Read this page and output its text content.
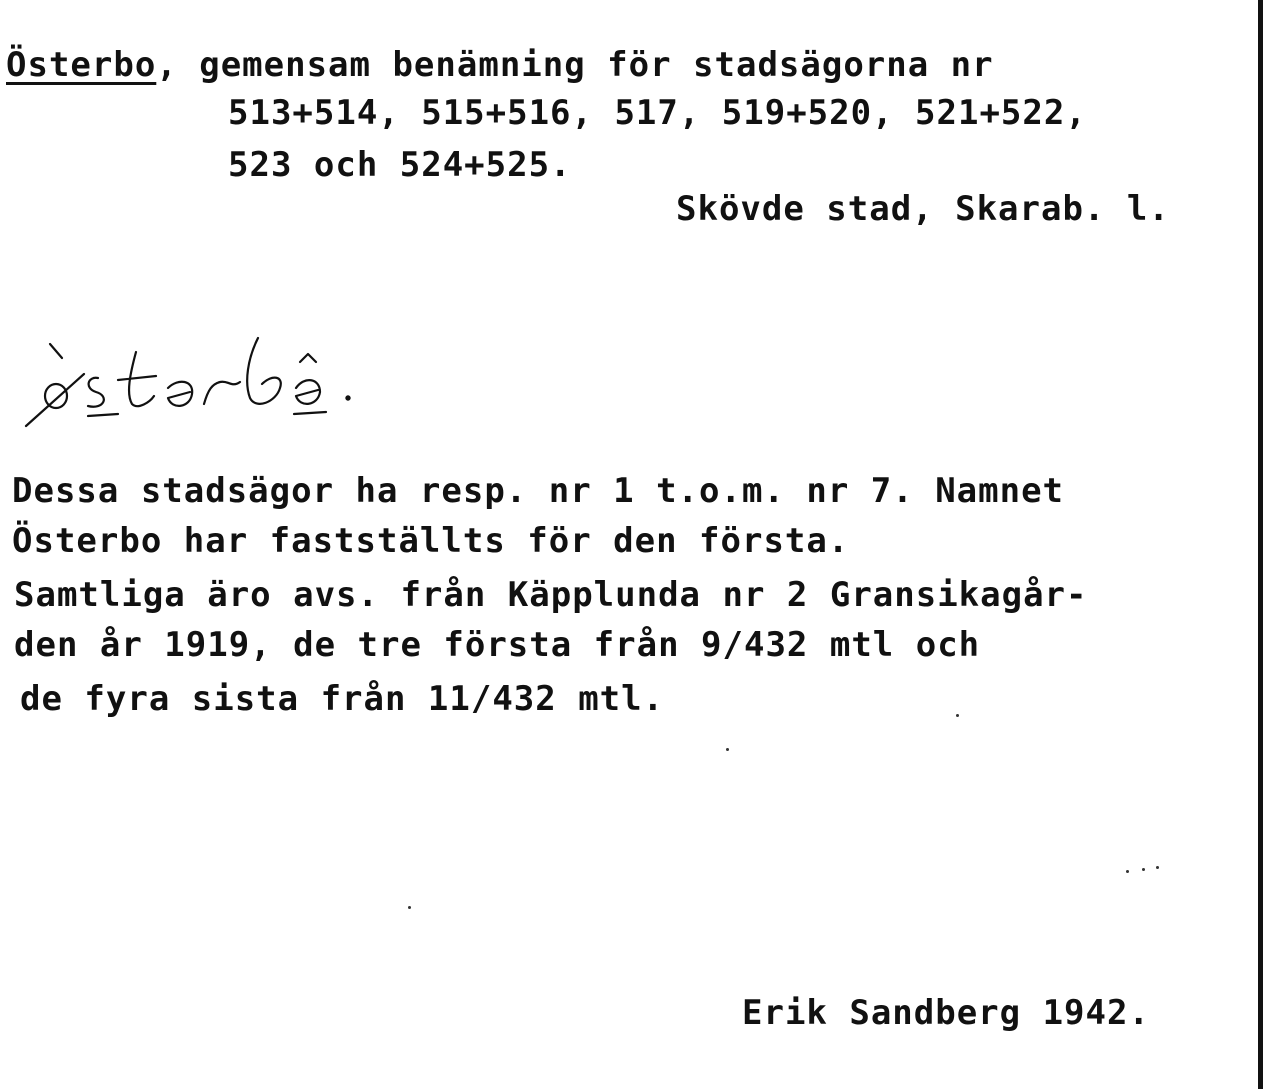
Österbo, gemensam benämning för stadsägorna nr
513+514, 515+516, 517, 519+520, 521+522,
523 och 524+525.
Skövde stad, Skarab. l.
Dessa stadsägor ha resp. nr 1 t.o.m. nr 7. Namnet
Österbo har fastställts för den första.
Samtliga äro avs. från Käpplunda nr 2 Gransikagår-
den år 1919, de tre första från 9/432 mtl och
de fyra sista från 11/432 mtl.
Erik Sandberg 1942.
